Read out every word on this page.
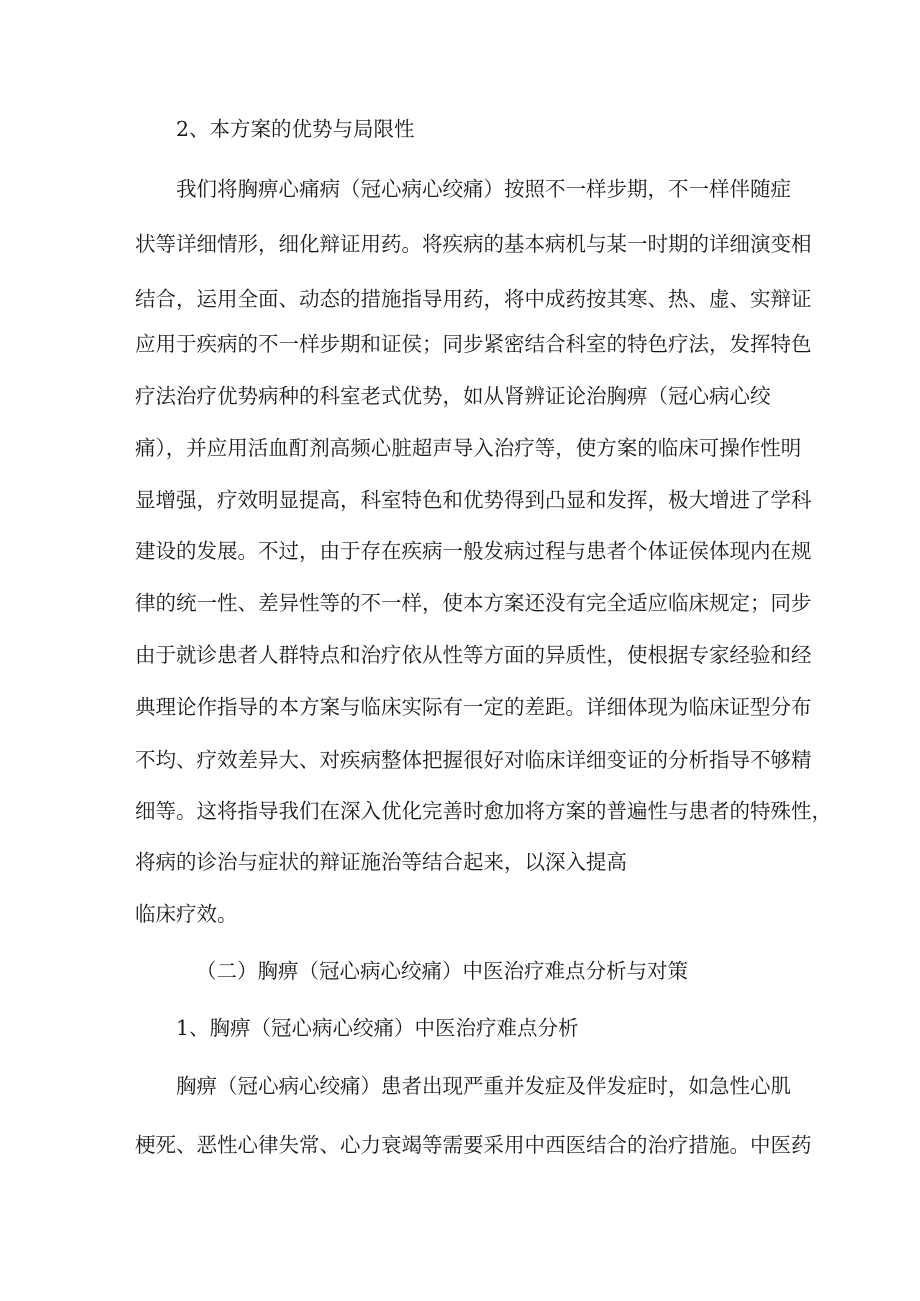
2、本方案的优势与局限性

我们将胸痹心痛病（冠心病心绞痛）按照不一样步期，不一样伴随症

状等详细情形，细化辩证用药。将疾病的基本病机与某一时期的详细演变相

结合，运用全面、动态的措施指导用药，将中成药按其寒、热、虚、实辩证

应用于疾病的不一样步期和证侯；同步紧密结合科室的特色疗法，发挥特色

疗法治疗优势病种的科室老式优势，如从肾辨证论治胸痹（冠心病心绞

痛），并应用活血酊剂高频心脏超声导入治疗等，使方案的临床可操作性明

显增强，疗效明显提高，科室特色和优势得到凸显和发挥，极大增进了学科

建设的发展。不过，由于存在疾病一般发病过程与患者个体证侯体现内在规

律的统一性、差异性等的不一样，使本方案还没有完全适应临床规定；同步

由于就诊患者人群特点和治疗依从性等方面的异质性，使根据专家经验和经

典理论作指导的本方案与临床实际有一定的差距。详细体现为临床证型分布

不均、疗效差异大、对疾病整体把握很好对临床详细变证的分析指导不够精

细等。这将指导我们在深入优化完善时愈加将方案的普遍性与患者的特殊性，

将病的诊治与症状的辩证施治等结合起来，以深入提高

临床疗效。

（二）胸痹（冠心病心绞痛）中医治疗难点分析与对策

1、胸痹（冠心病心绞痛）中医治疗难点分析

胸痹（冠心病心绞痛）患者出现严重并发症及伴发症时，如急性心肌

梗死、恶性心律失常、心力衰竭等需要采用中西医结合的治疗措施。中医药
